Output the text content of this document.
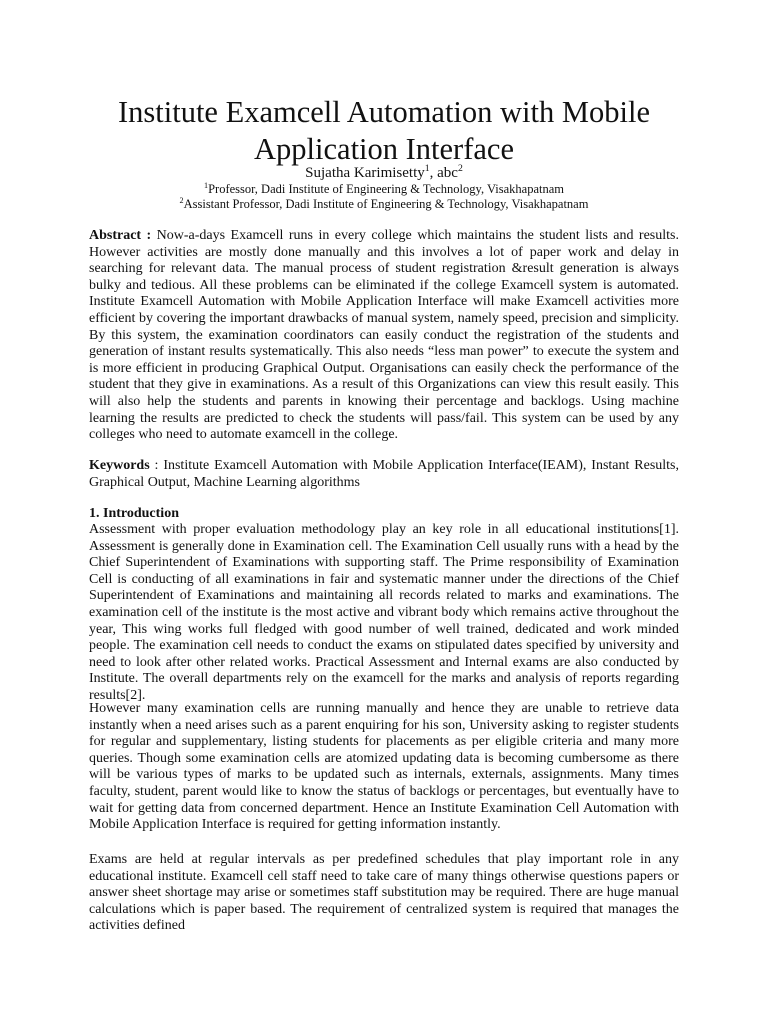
Institute Examcell Automation with Mobile
Application Interface
Sujatha Karimisetty$^1$, abc$^2$
$^1$Professor, Dadi Institute of Engineering & Technology, Visakhapatnam
$^2$Assistant Professor, Dadi Institute of Engineering & Technology, Visakhapatnam

Abstract : Now-a-days Examcell runs in every college which maintains the student lists and results. However activities are mostly done manually and this involves a lot of paper work and delay in searching for relevant data. The manual process of student registration &result generation is always bulky and tedious. All these problems can be eliminated if the college Examcell system is automated. Institute Examcell Automation with Mobile Application Interface will make Examcell activities more efficient by covering the important drawbacks of manual system, namely speed, precision and simplicity. By this system, the examination coordinators can easily conduct the registration of the students and generation of instant results systematically. This also needs “less man power” to execute the system and is more efficient in producing Graphical Output. Organisations can easily check the performance of the student that they give in examinations. As a result of this Organizations can view this result easily. This will also help the students and parents in knowing their percentage and backlogs. Using machine learning the results are predicted to check the students will pass/fail. This system can be used by any colleges who need to automate examcell in the college.

Keywords : Institute Examcell Automation with Mobile Application Interface(IEAM), Instant Results, Graphical Output, Machine Learning algorithms

1. Introduction

Assessment with proper evaluation methodology play an key role in all educational institutions[1]. Assessment is generally done in Examination cell. The Examination Cell usually runs with a head by the Chief Superintendent of Examinations with supporting staff. The Prime responsibility of Examination Cell is conducting of all examinations in fair and systematic manner under the directions of the Chief Superintendent of Examinations and maintaining all records related to marks and examinations. The examination cell of the institute is the most active and vibrant body which remains active throughout the year, This wing works full fledged with good number of well trained, dedicated and work minded people. The examination cell needs to conduct the exams on stipulated dates specified by university and need to look after other related works. Practical Assessment and Internal exams are also conducted by Institute. The overall departments rely on the examcell for the marks and analysis of reports regarding results[2].

However many examination cells are running manually and hence they are unable to retrieve data instantly when a need arises such as a parent enquiring for his son, University asking to register students for regular and supplementary, listing students for placements as per eligible criteria and many more queries. Though some examination cells are atomized updating data is becoming cumbersome as there will be various types of marks to be updated such as internals, externals, assignments. Many times faculty, student, parent would like to know the status of backlogs or percentages, but eventually have to wait for getting data from concerned department. Hence an Institute Examination Cell Automation with Mobile Application Interface is required for getting information instantly.

Exams are held at regular intervals as per predefined schedules that play important role in any educational institute. Examcell cell staff need to take care of many things otherwise questions papers or answer sheet shortage may arise or sometimes staff substitution may be required. There are huge manual calculations which is paper based. The requirement of centralized system is required that manages the activities defined
